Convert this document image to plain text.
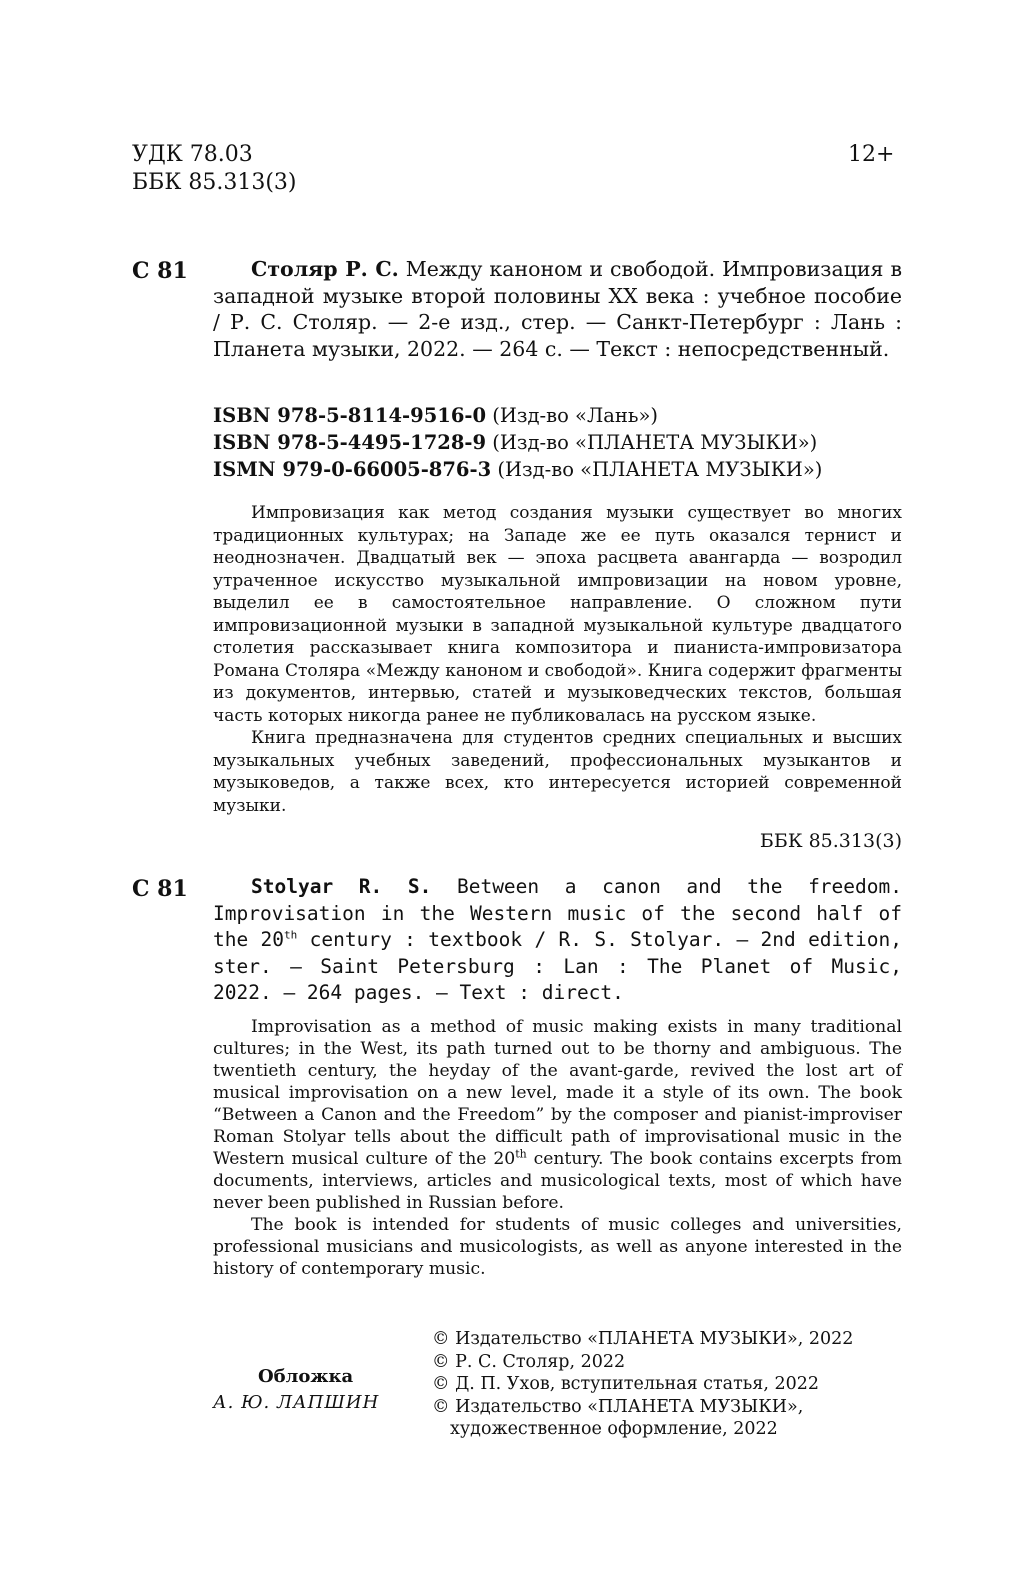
УДК 78.03
ББК 85.313(3)
12+
С 81	Столяр Р. С. Между каноном и свободой. Импровизация в западной музыке второй половины XX века : учебное пособие / Р. С. Столяр. — 2-е изд., стер. — Санкт-Петербург : Лань : Планета музыки, 2022. — 264 с. — Текст : непосредственный.

ISBN 978-5-8114-9516-0 (Изд-во «Лань»)
ISBN 978-5-4495-1728-9 (Изд-во «ПЛАНЕТА МУЗЫКИ»)
ISMN 979-0-66005-876-3 (Изд-во «ПЛАНЕТА МУЗЫКИ»)

Импровизация как метод создания музыки существует во многих традиционных культурах; на Западе же ее путь оказался тернист и неоднозначен. Двадцатый век — эпоха расцвета авангарда — возродил утраченное искусство музыкальной импровизации на новом уровне, выделил ее в самостоятельное направление. О сложном пути импровизационной музыки в западной музыкальной культуре двадцатого столетия рассказывает книга композитора и пианиста-импровизатора Романа Столяра «Между каноном и свободой». Книга содержит фрагменты из документов, интервью, статей и музыковедческих текстов, большая часть которых никогда ранее не публиковалась на русском языке.

Книга предназначена для студентов средних специальных и высших музыкальных учебных заведений, профессиональных музыкантов и музыковедов, а также всех, кто интересуется историей современной музыки.

ББК 85.313(3)
С 81	Stolyar R. S. Between a canon and the freedom. Improvisation in the Western music of the second half of the 20th century : textbook / R. S. Stolyar. — 2nd edition, ster. — Saint Petersburg : Lan : The Planet of Music, 2022. — 264 pages. — Text : direct.

Improvisation as a method of music making exists in many traditional cultures; in the West, its path turned out to be thorny and ambiguous. The twentieth century, the heyday of the avant-garde, revived the lost art of musical improvisation on a new level, made it a style of its own. The book “Between a Canon and the Freedom” by the composer and pianist-improviser Roman Stolyar tells about the difficult path of improvisational music in the Western musical culture of the 20th century. The book contains excerpts from documents, interviews, articles and musicological texts, most of which have never been published in Russian before.

The book is intended for students of music colleges and universities, professional musicians and musicologists, as well as anyone interested in the history of contemporary music.

Обложка
А. Ю. ЛАПШИН
© Издательство «ПЛАНЕТА МУЗЫКИ», 2022
© Р. С. Столяр, 2022
© Д. П. Ухов, вступительная статья, 2022
© Издательство «ПЛАНЕТА МУЗЫКИ», художественное оформление, 2022
